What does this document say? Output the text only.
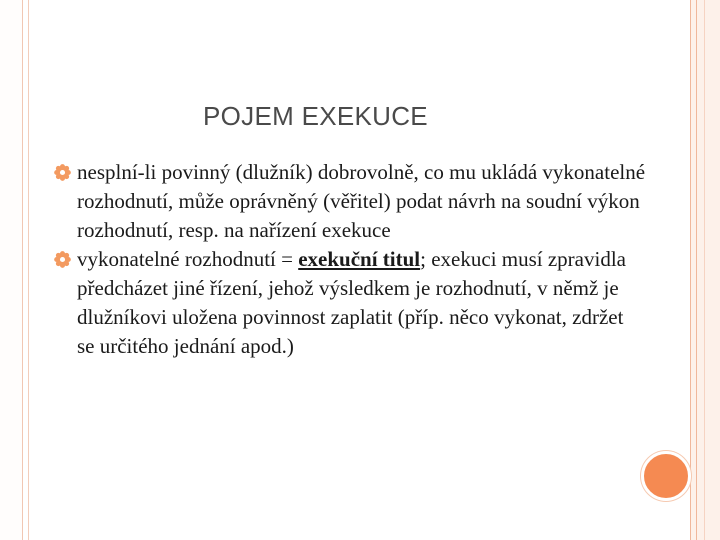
POJEM EXEKUCE
nesplní-li povinný (dlužník) dobrovolně, co mu ukládá vykonatelné rozhodnutí, může oprávněný (věřitel) podat návrh na soudní výkon rozhodnutí, resp. na nařízení exekuce
vykonatelné rozhodnutí = exekuční titul; exekuci musí zpravidla předcházet jiné řízení, jehož výsledkem je rozhodnutí, v němž je dlužníkovi uložena povinnost zaplatit (příp. něco vykonat, zdržet se určitého jednání apod.)
